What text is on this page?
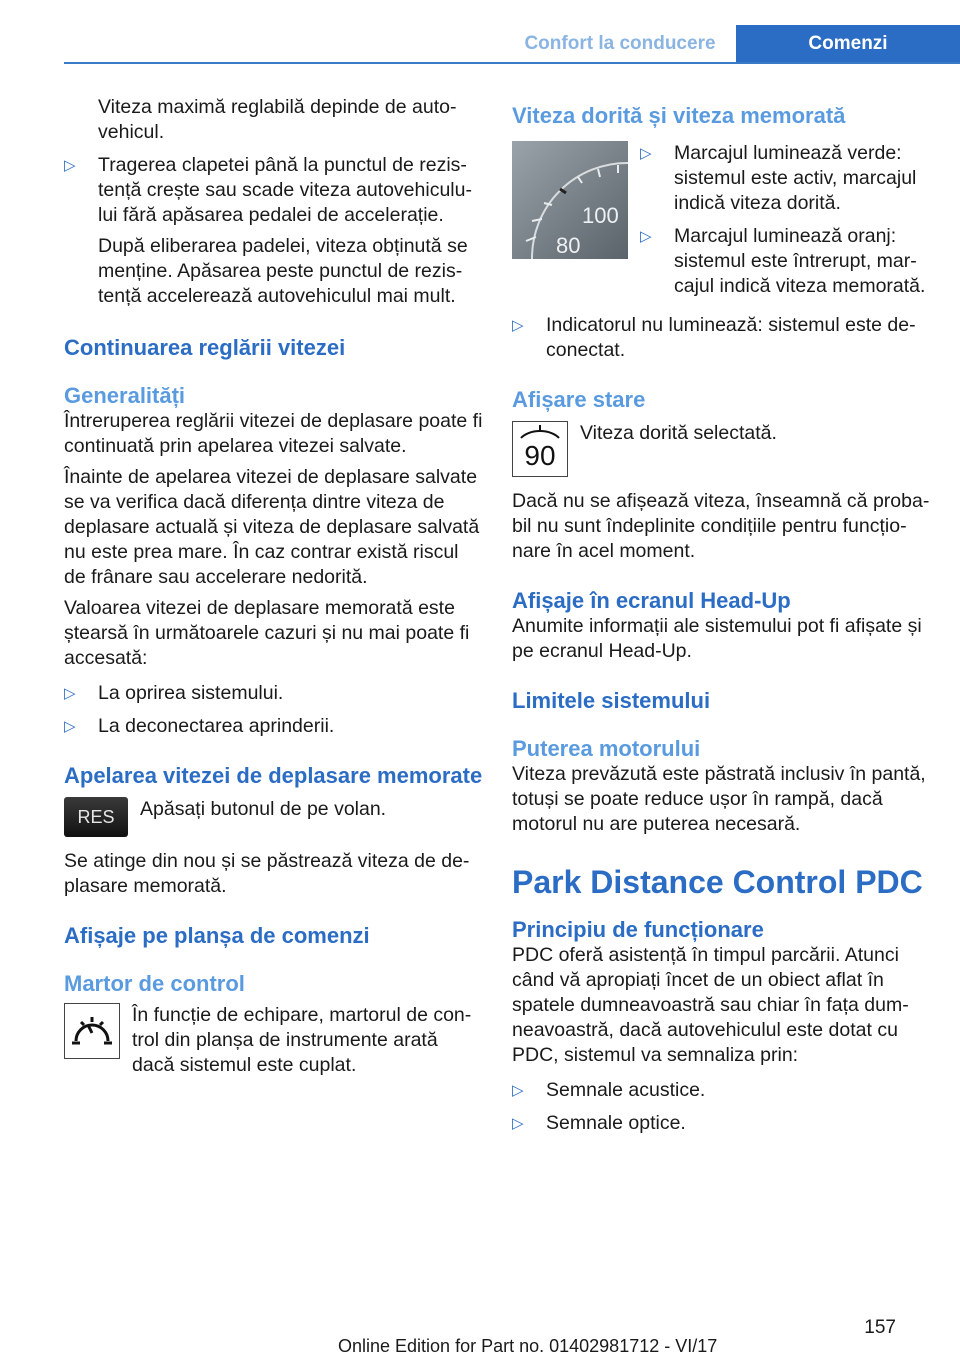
Confort la conducere	Comenzi

Viteza maximă reglabilă depinde de auto-vehicul.

▷	Tragerea clapetei până la punctul de rezis-tență crește sau scade viteza autovehiculu-lui fără apăsarea pedalei de accelerație.

După eliberarea padelei, viteza obținută se menține. Apăsarea peste punctul de rezis-tență accelerează autovehiculul mai mult.

Continuarea reglării vitezei
Generalități

Întreruperea reglării vitezei de deplasare poate fi continuată prin apelarea vitezei salvate.

Înainte de apelarea vitezei de deplasare salvate se va verifica dacă diferența dintre viteza de deplasare actuală și viteza de deplasare salvată nu este prea mare. În caz contrar există riscul de frânare sau accelerare nedorită.

Valoarea vitezei de deplasare memorată este ștearsă în următoarele cazuri și nu mai poate fi accesată:

▷	La oprirea sistemului.

▷	La deconectarea aprinderii.

Apelarea vitezei de deplasare memorate
RES Apăsați butonul de pe volan.

Se atinge din nou și se păstrează viteza de de-plasare memorată.

Afișaje pe planșa de comenzi
Martor de control

În funcție de echipare, martorul de con-trol din planșa de instrumente arată dacă sistemul este cuplat.

Viteza dorită și viteza memorată
100
80
▷	Marcajul luminează verde: sistemul este activ, marcajul indică viteza dorită.

▷	Marcajul luminează oranj: sistemul este întrerupt, mar-cajul indică viteza memorată.

▷	Indicatorul nu luminează: sistemul este de-conectat.

Afișare stare
90

Viteza dorită selectată.

Dacă nu se afișează viteza, înseamnă că proba-bil nu sunt îndeplinite condițiile pentru funcțio-nare în acel moment.

Afișaje în ecranul Head-Up

Anumite informații ale sistemului pot fi afișate și pe ecranul Head-Up.

Limitele sistemului
Puterea motorului

Viteza prevăzută este păstrată inclusiv în pantă, totuși se poate reduce ușor în rampă, dacă motorul nu are puterea necesară.

Park Distance Control PDC
Principiu de funcționare

PDC oferă asistență în timpul parcării. Atunci când vă apropiați încet de un obiect aflat în spatele dumneavoastră sau chiar în fața dum-neavoastră, dacă autovehiculul este dotat cu PDC, sistemul va semnaliza prin:

▷	Semnale acustice.

▷	Semnale optice.

157
Online Edition for Part no. 01402981712 - VI/17
